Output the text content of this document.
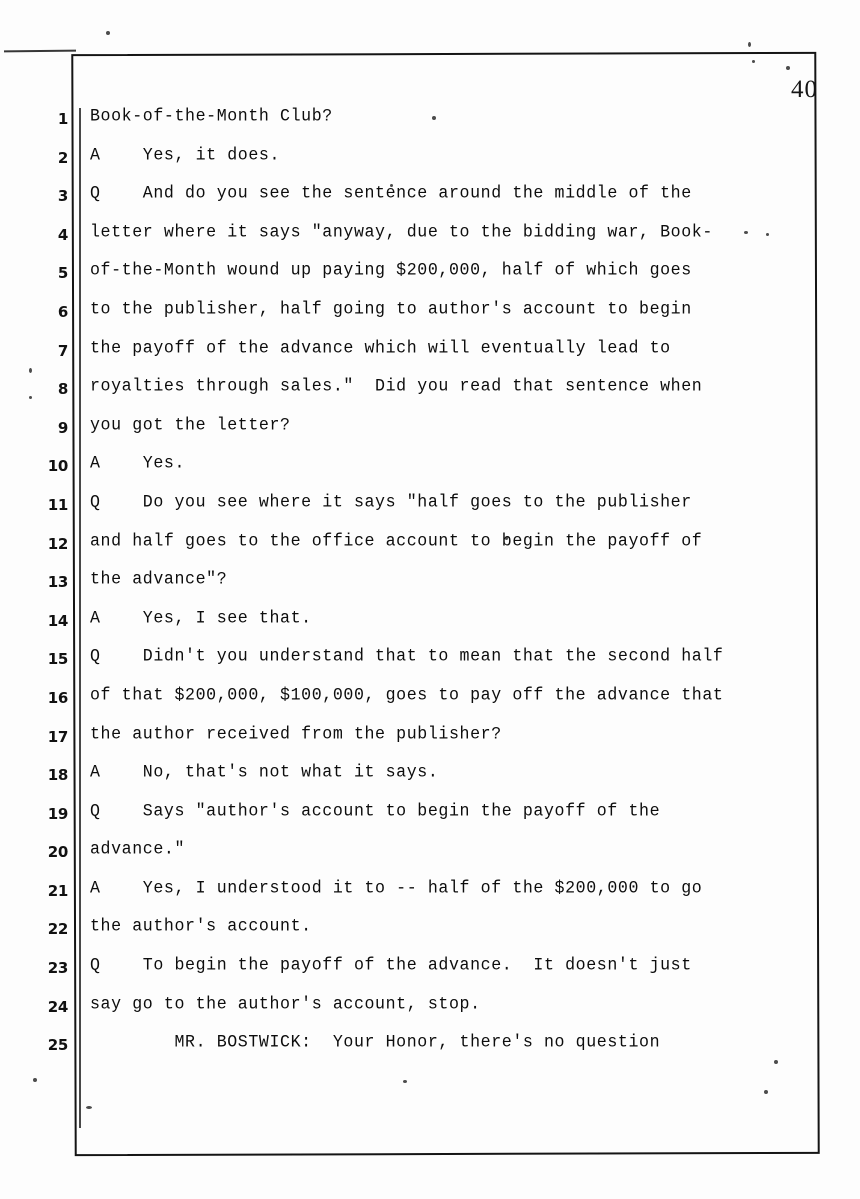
40
1 Book-of-the-Month Club?
2 A    Yes, it does.
3 Q    And do you see the sentence around the middle of the
4 letter where it says "anyway, due to the bidding war, Book-
5 of-the-Month wound up paying $200,000, half of which goes
6 to the publisher, half going to author's account to begin
7 the payoff of the advance which will eventually lead to
8 royalties through sales."  Did you read that sentence when
9 you got the letter?
10 A    Yes.
11 Q    Do you see where it says "half goes to the publisher
12 and half goes to the office account to begin the payoff of
13 the advance"?
14 A    Yes, I see that.
15 Q    Didn't you understand that to mean that the second half
16 of that $200,000, $100,000, goes to pay off the advance that
17 the author received from the publisher?
18 A    No, that's not what it says.
19 Q    Says "author's account to begin the payoff of the
20 advance."
21 A    Yes, I understood it to -- half of the $200,000 to go
22 the author's account.
23 Q    To begin the payoff of the advance.  It doesn't just
24 say go to the author's account, stop.
25 MR. BOSTWICK:  Your Honor, there's no question
